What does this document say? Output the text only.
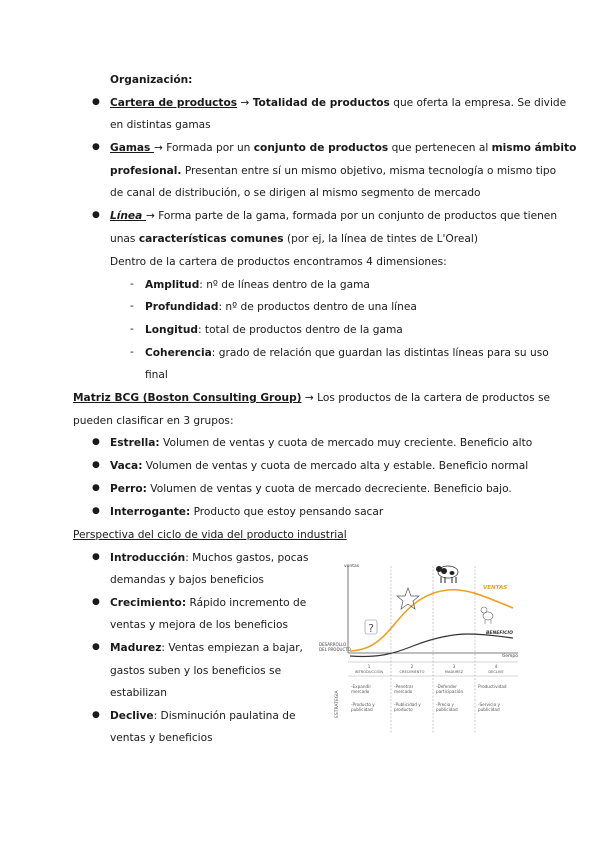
Organización:
● Cartera de productos → Totalidad de productos que oferta la empresa. Se divide
en distintas gamas
● Gamas → Formada por un conjunto de productos que pertenecen al mismo ámbito
profesional. Presentan entre sí un mismo objetivo, misma tecnología o mismo tipo
de canal de distribución, o se dirigen al mismo segmento de mercado
● Línea → Forma parte de la gama, formada por un conjunto de productos que tienen
unas características comunes (por ej, la línea de tintes de L'Oreal)
Dentro de la cartera de productos encontramos 4 dimensiones:
- Amplitud: nº de líneas dentro de la gama
- Profundidad: nº de productos dentro de una línea
- Longitud: total de productos dentro de la gama
- Coherencia: grado de relación que guardan las distintas líneas para su uso
final
Matriz BCG (Boston Consulting Group) → Los productos de la cartera de productos se
pueden clasificar en 3 grupos:
● Estrella: Volumen de ventas y cuota de mercado muy creciente. Beneficio alto
● Vaca: Volumen de ventas y cuota de mercado alta y estable. Beneficio normal
● Perro: Volumen de ventas y cuota de mercado decreciente. Beneficio bajo.
● Interrogante: Producto que estoy pensando sacar
Perspectiva del ciclo de vida del producto industrial
● Introducción: Muchos gastos, pocas
demandas y bajos beneficios
● Crecimiento: Rápido incremento de
ventas y mejora de los beneficios
● Madurez: Ventas empiezan a bajar,
gastos suben y los beneficios se
estabilizan
● Declive: Disminución paulatina de
ventas y beneficios
ventas
tiempo
DESARROLLO
DEL PRODUCTO
VENTAS
BENEFICIO
?
1
INTRODUCCIÓN
-Expandir
mercado
-Producto y
publicidad
2
CRECIMIENTO
-Penetrar
mercado
-Publicidad y
producto
3
MADUREZ
-Defender
participación
-Precio y
publicidad
4
DECLIVE
Productividad
-Servicio y
publicidad
ESTRATEGIA
